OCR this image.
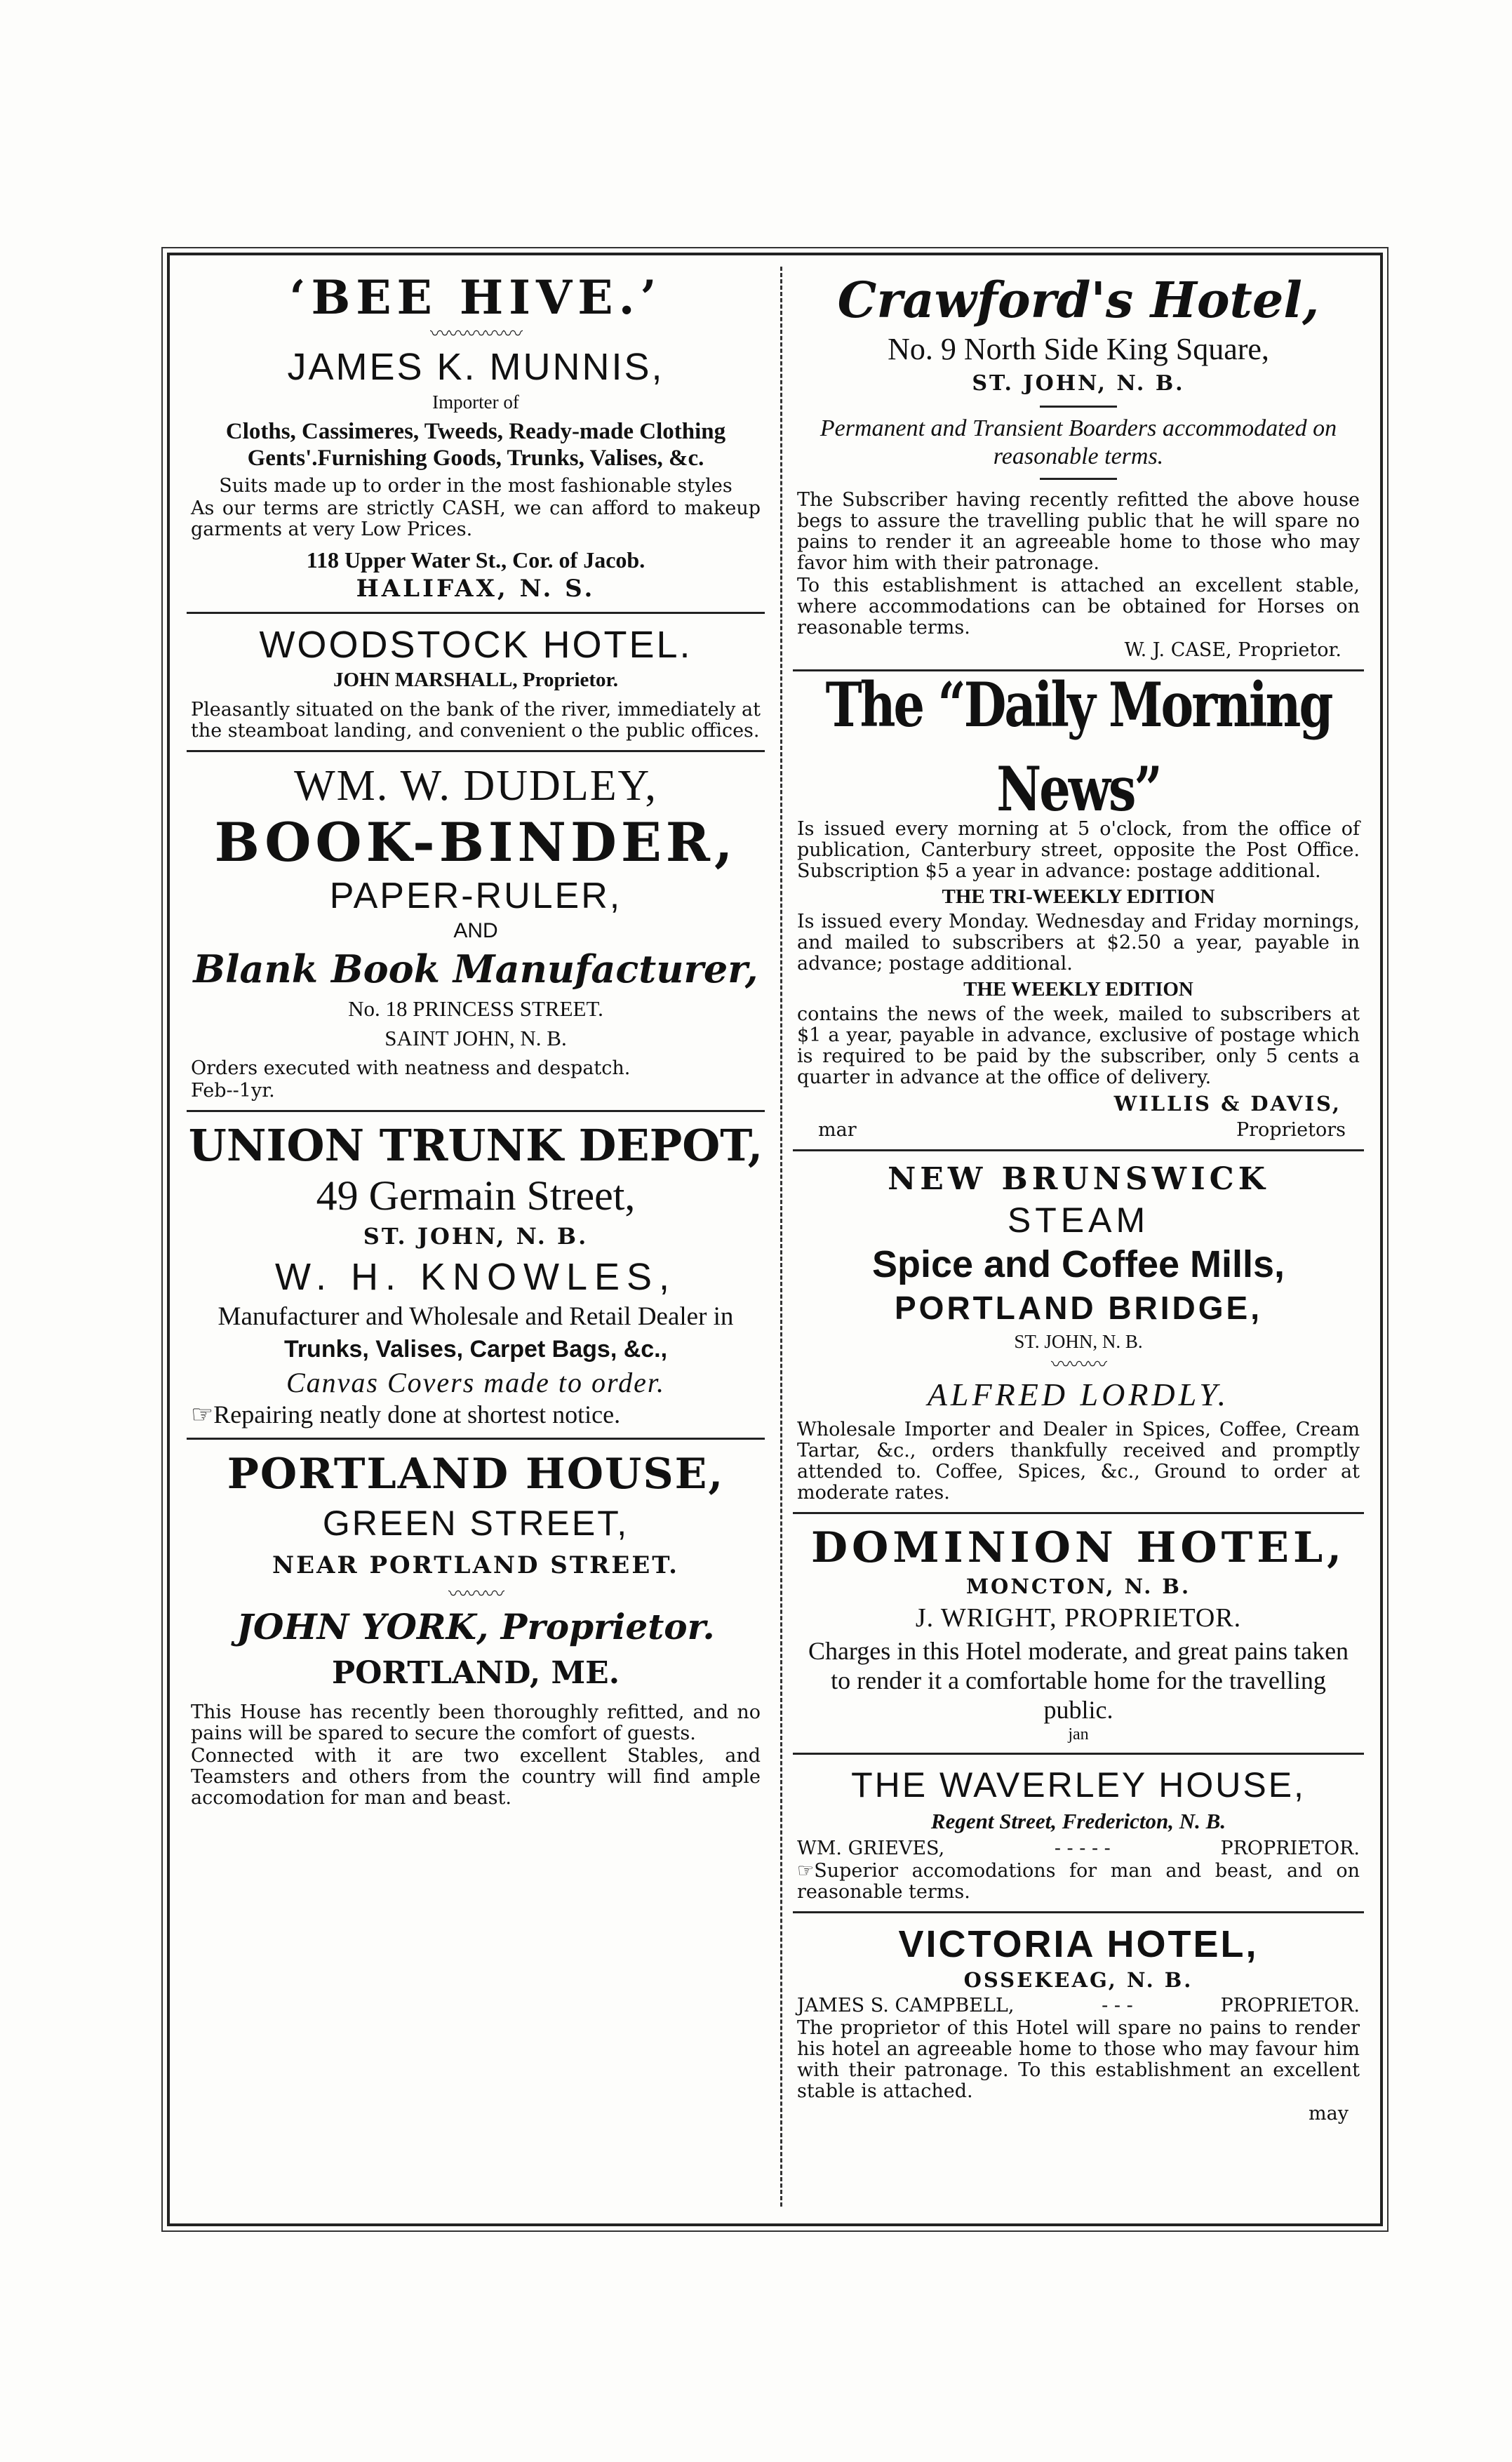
‘BEE HIVE.’
〰〰〰〰〰
JAMES K. MUNNIS,
Importer of
Cloths, Cassimeres, Tweeds, Ready-made Clothing Gents'.Furnishing Goods, Trunks, Valises, &c.
Suits made up to order in the most fashionable styles
As our terms are strictly CASH, we can afford to makeup garments at very Low Prices.
118 Upper Water St., Cor. of Jacob.
HALIFAX, N. S.
WOODSTOCK HOTEL.
JOHN MARSHALL, Proprietor.
Pleasantly situated on the bank of the river, immediately at the steamboat landing, and convenient o the public offices.
WM. W. DUDLEY,
BOOK-BINDER,
PAPER-RULER,
AND
Blank Book Manufacturer,
No. 18 PRINCESS STREET.
SAINT JOHN, N. B.
Orders executed with neatness and despatch.
Feb--1yr.
UNION TRUNK DEPOT,
49 Germain Street,
ST. JOHN, N. B.
W. H. KNOWLES,
Manufacturer and Wholesale and Retail Dealer in
Trunks, Valises, Carpet Bags, &c.,
Canvas Covers made to order.
☞Repairing neatly done at shortest notice.
PORTLAND HOUSE,
GREEN STREET,
NEAR PORTLAND STREET.
〰〰〰
JOHN YORK, Proprietor.
PORTLAND, ME.
This House has recently been thoroughly refitted, and no pains will be spared to secure the comfort of guests.
Connected with it are two excellent Stables, and Teamsters and others from the country will find ample accomodation for man and beast.
Crawford's Hotel,
No. 9 North Side King Square,
ST. JOHN, N. B.
Permanent and Transient Boarders accommodated on reasonable terms.
The Subscriber having recently refitted the above house begs to assure the travelling public that he will spare no pains to render it an agreeable home to those who may favor him with their patronage.
To this establishment is attached an excellent stable, where accommodations can be obtained for Horses on reasonable terms.
W. J. CASE, Proprietor.
The “Daily Morning News”
Is issued every morning at 5 o'clock, from the office of publication, Canterbury street, opposite the Post Office. Subscription $5 a year in advance: postage additional.
THE TRI-WEEKLY EDITION
Is issued every Monday. Wednesday and Friday mornings, and mailed to subscribers at $2.50 a year, payable in advance; postage additional.
THE WEEKLY EDITION
contains the news of the week, mailed to subscribers at $1 a year, payable in advance, exclusive of postage which is required to be paid by the subscriber, only 5 cents a quarter in advance at the office of delivery.
WILLIS & DAVIS,
mar	Proprietors
NEW BRUNSWICK
STEAM
Spice and Coffee Mills,
PORTLAND BRIDGE,
ST. JOHN, N. B.
〰〰〰
ALFRED LORDLY.
Wholesale Importer and Dealer in Spices, Coffee, Cream Tartar, &c., orders thankfully received and promptly attended to. Coffee, Spices, &c., Ground to order at moderate rates.
DOMINION HOTEL,
MONCTON, N. B.
J. WRIGHT, PROPRIETOR.
Charges in this Hotel moderate, and great pains taken to render it a comfortable home for the travelling public.
jan
THE WAVERLEY HOUSE,
Regent Street, Fredericton, N. B.
WM. GRIEVES,	- - - - -	PROPRIETOR.
☞Superior accomodations for man and beast, and on reasonable terms.
VICTORIA HOTEL,
OSSEKEAG, N. B.
JAMES S. CAMPBELL,	- - -	PROPRIETOR.
The proprietor of this Hotel will spare no pains to render his hotel an agreeable home to those who may favour him with their patronage. To this establishment an excellent stable is attached.
may
